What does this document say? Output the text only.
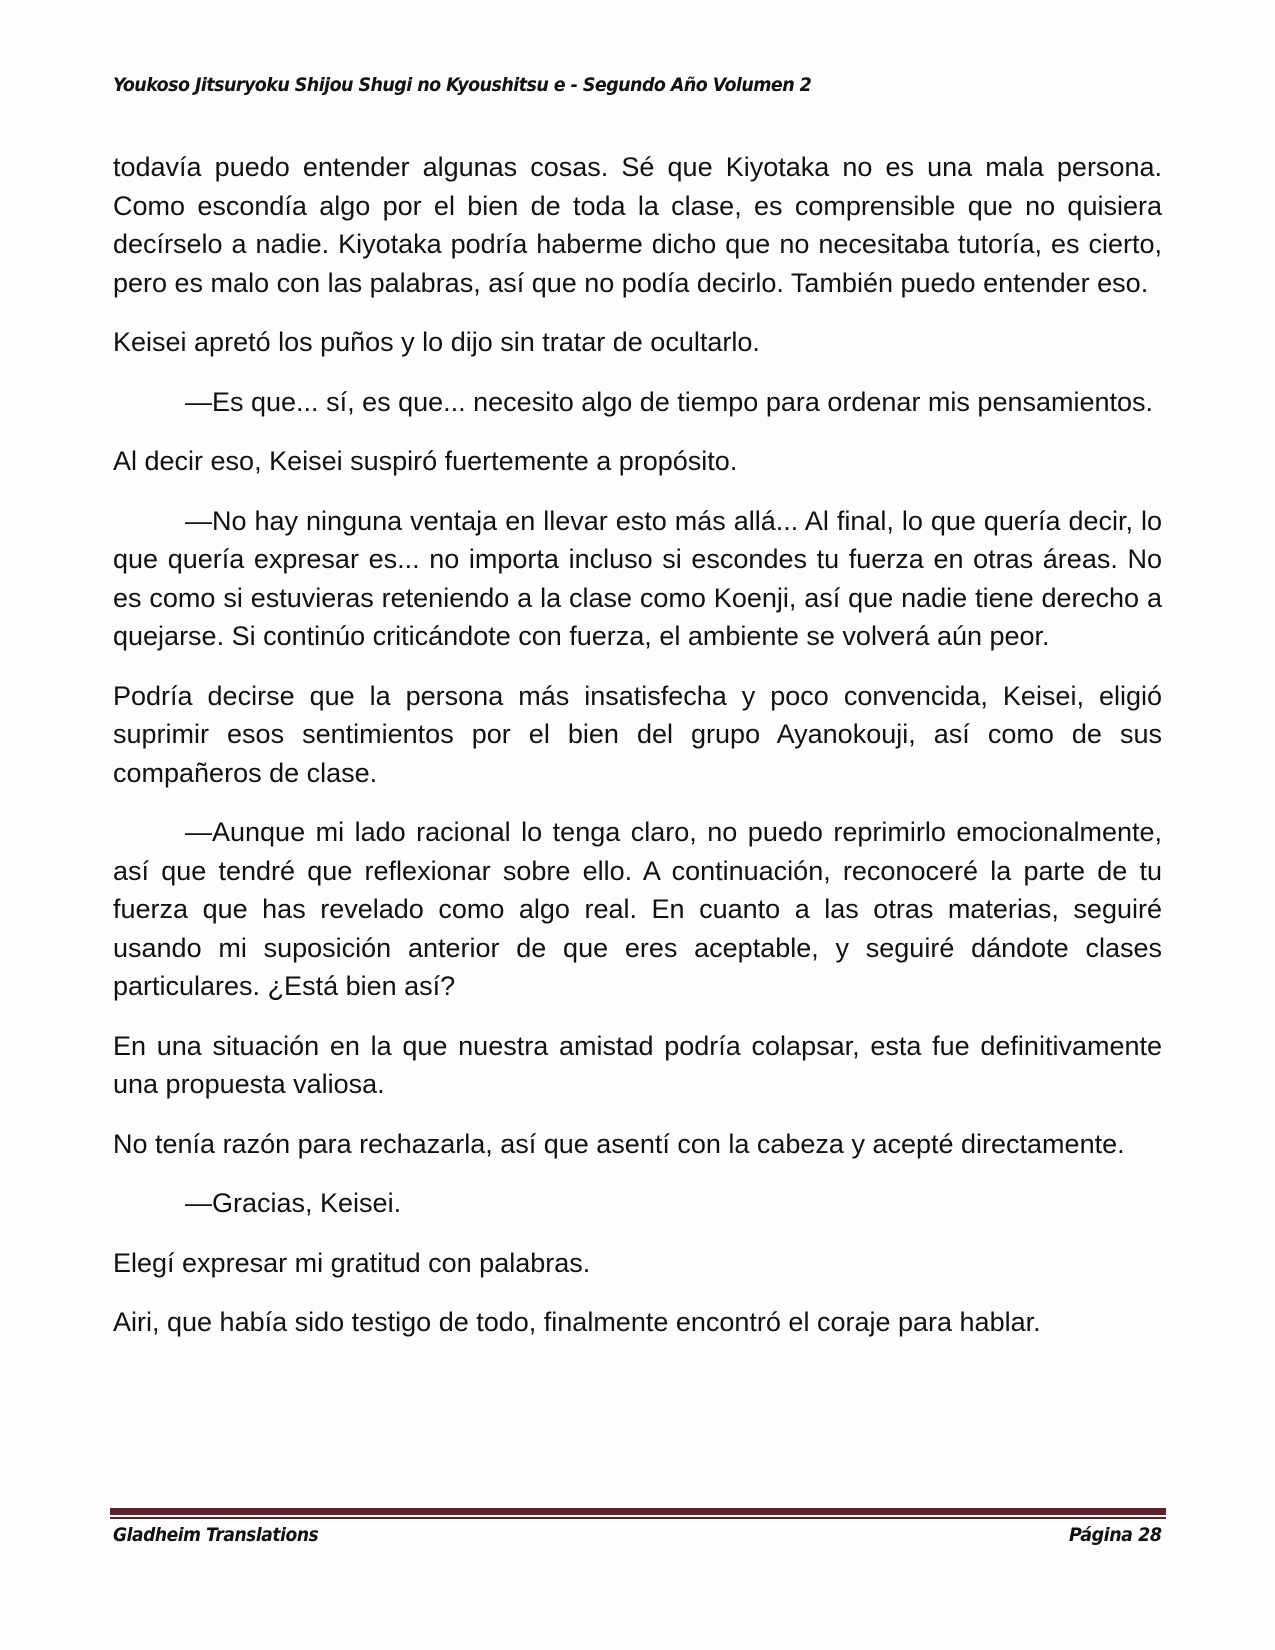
Youkoso Jitsuryoku Shijou Shugi no Kyoushitsu e - Segundo Año Volumen 2

todavía puedo entender algunas cosas. Sé que Kiyotaka no es una mala persona. Como escondía algo por el bien de toda la clase, es comprensible que no quisiera decírselo a nadie. Kiyotaka podría haberme dicho que no necesitaba tutoría, es cierto, pero es malo con las palabras, así que no podía decirlo. También puedo entender eso.

Keisei apretó los puños y lo dijo sin tratar de ocultarlo.

—Es que... sí, es que... necesito algo de tiempo para ordenar mis pensamientos.

Al decir eso, Keisei suspiró fuertemente a propósito.

—No hay ninguna ventaja en llevar esto más allá... Al final, lo que quería decir, lo que quería expresar es... no importa incluso si escondes tu fuerza en otras áreas. No es como si estuvieras reteniendo a la clase como Koenji, así que nadie tiene derecho a quejarse. Si continúo criticándote con fuerza, el ambiente se volverá aún peor.

Podría decirse que la persona más insatisfecha y poco convencida, Keisei, eligió suprimir esos sentimientos por el bien del grupo Ayanokouji, así como de sus compañeros de clase.

—Aunque mi lado racional lo tenga claro, no puedo reprimirlo emocionalmente, así que tendré que reflexionar sobre ello. A continuación, reconoceré la parte de tu fuerza que has revelado como algo real. En cuanto a las otras materias, seguiré usando mi suposición anterior de que eres aceptable, y seguiré dándote clases particulares. ¿Está bien así?

En una situación en la que nuestra amistad podría colapsar, esta fue definitivamente una propuesta valiosa.

No tenía razón para rechazarla, así que asentí con la cabeza y acepté directamente.

—Gracias, Keisei.

Elegí expresar mi gratitud con palabras.

Airi, que había sido testigo de todo, finalmente encontró el coraje para hablar.

Gladheim Translations	Página 28
